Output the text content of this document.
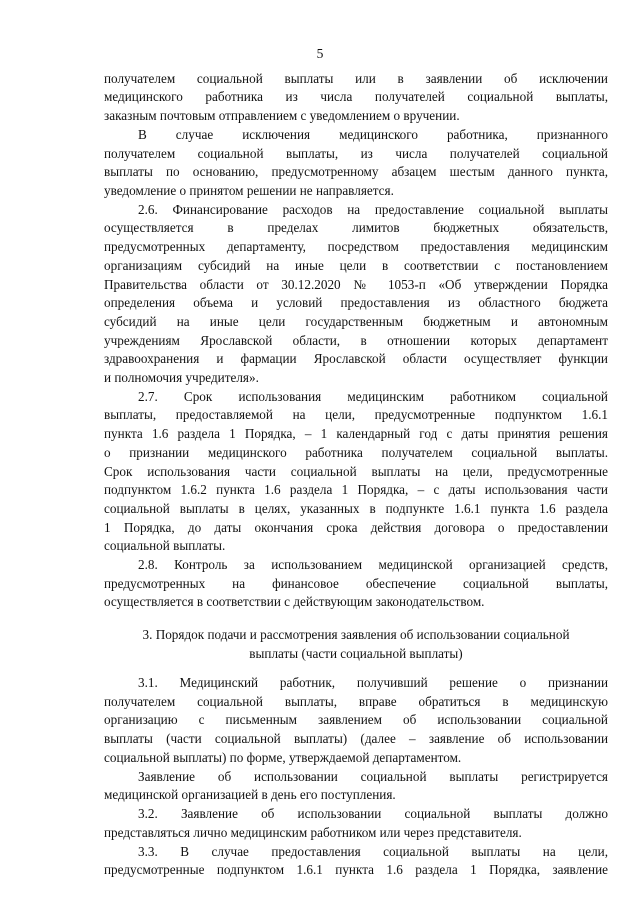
5
получателем социальной выплаты или в заявлении об исключении
медицинского работника из числа получателей социальной выплаты,
заказным почтовым отправлением с уведомлением о вручении.
В случае исключения медицинского работника, признанного
получателем социальной выплаты, из числа получателей социальной
выплаты по основанию, предусмотренному абзацем шестым данного пункта,
уведомление о принятом решении не направляется.
2.6. Финансирование расходов на предоставление социальной выплаты
осуществляется в пределах лимитов бюджетных обязательств,
предусмотренных департаменту, посредством предоставления медицинским
организациям субсидий на иные цели в соответствии с постановлением
Правительства области от 30.12.2020 № 1053-п «Об утверждении Порядка
определения объема и условий предоставления из областного бюджета
субсидий на иные цели государственным бюджетным и автономным
учреждениям Ярославской области, в отношении которых департамент
здравоохранения и фармации Ярославской области осуществляет функции
и полномочия учредителя».
2.7. Срок использования медицинским работником социальной
выплаты, предоставляемой на цели, предусмотренные подпунктом 1.6.1
пункта 1.6 раздела 1 Порядка, – 1 календарный год с даты принятия решения
о признании медицинского работника получателем социальной выплаты.
Срок использования части социальной выплаты на цели, предусмотренные
подпунктом 1.6.2 пункта 1.6 раздела 1 Порядка, – с даты использования части
социальной выплаты в целях, указанных в подпункте 1.6.1 пункта 1.6 раздела
1 Порядка, до даты окончания срока действия договора о предоставлении
социальной выплаты.
2.8. Контроль за использованием медицинской организацией средств,
предусмотренных на финансовое обеспечение социальной выплаты,
осуществляется в соответствии с действующим законодательством.
3. Порядок подачи и рассмотрения заявления об использовании социальной
выплаты (части социальной выплаты)
3.1. Медицинский работник, получивший решение о признании
получателем социальной выплаты, вправе обратиться в медицинскую
организацию с письменным заявлением об использовании социальной
выплаты (части социальной выплаты) (далее – заявление об использовании
социальной выплаты) по форме, утверждаемой департаментом.
Заявление об использовании социальной выплаты регистрируется
медицинской организацией в день его поступления.
3.2. Заявление об использовании социальной выплаты должно
представляться лично медицинским работником или через представителя.
3.3. В случае предоставления социальной выплаты на цели,
предусмотренные подпунктом 1.6.1 пункта 1.6 раздела 1 Порядка, заявление
